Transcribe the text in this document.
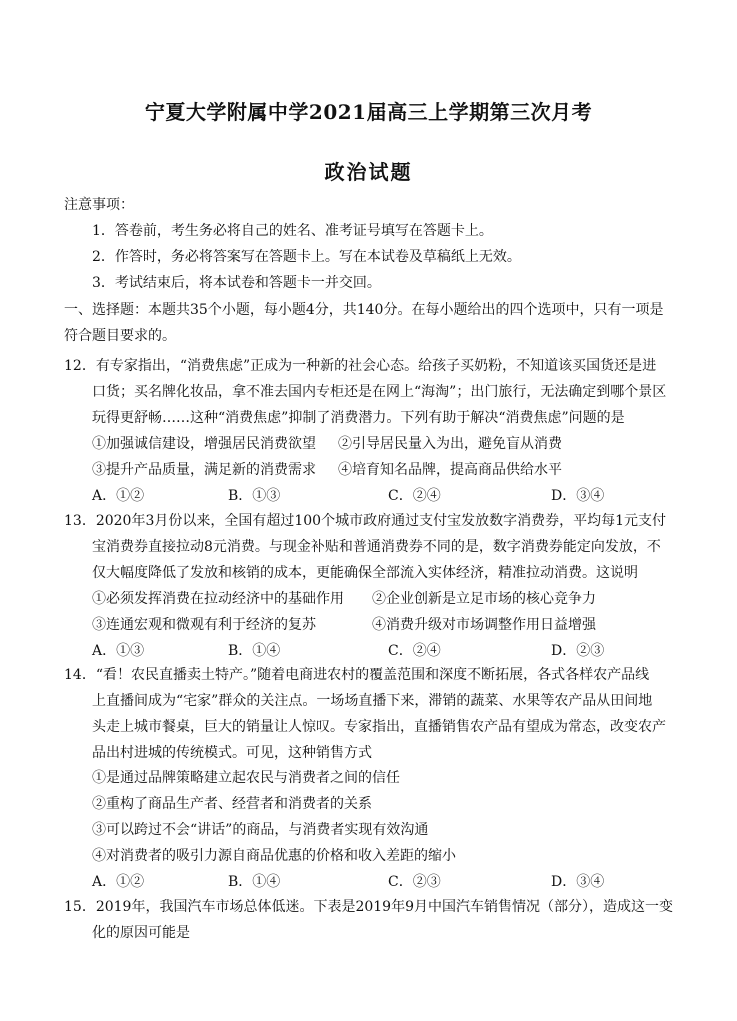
宁夏大学附属中学2021届高三上学期第三次月考
政治试题
注意事项：
1．答卷前，考生务必将自己的姓名、准考证号填写在答题卡上。
2．作答时，务必将答案写在答题卡上。写在本试卷及草稿纸上无效。
3．考试结束后，将本试卷和答题卡一并交回。
一、选择题：本题共35个小题，每小题4分，共140分。在每小题给出的四个选项中，只有一项是
符合题目要求的。
12．有专家指出，“消费焦虑”正成为一种新的社会心态。给孩子买奶粉，不知道该买国货还是进
口货；买名牌化妆品，拿不准去国内专柜还是在网上“海淘”；出门旅行，无法确定到哪个景区
玩得更舒畅……这种“消费焦虑”抑制了消费潜力。下列有助于解决“消费焦虑”问题的是
①加强诚信建设，增强居民消费欲望 ②引导居民量入为出，避免盲从消费
③提升产品质量，满足新的消费需求 ④培育知名品牌，提高商品供给水平
A．①②	B．①③	C．②④	D．③④
13．2020年3月份以来，全国有超过100个城市政府通过支付宝发放数字消费券，平均每1元支付
宝消费券直接拉动8元消费。与现金补贴和普通消费券不同的是，数字消费券能定向发放，不
仅大幅度降低了发放和核销的成本，更能确保全部流入实体经济，精准拉动消费。这说明
①必须发挥消费在拉动经济中的基础作用 ②企业创新是立足市场的核心竞争力
③连通宏观和微观有利于经济的复苏	④消费升级对市场调整作用日益增强
A．①③	B．①④	C．②④	D．②③
14．“看！农民直播卖土特产。”随着电商进农村的覆盖范围和深度不断拓展，各式各样农产品线
上直播间成为“宅家”群众的关注点。一场场直播下来，滞销的蔬菜、水果等农产品从田间地
头走上城市餐桌，巨大的销量让人惊叹。专家指出，直播销售农产品有望成为常态，改变农产
品出村进城的传统模式。可见，这种销售方式
①是通过品牌策略建立起农民与消费者之间的信任
②重构了商品生产者、经营者和消费者的关系
③可以跨过不会“讲话”的商品，与消费者实现有效沟通
④对消费者的吸引力源自商品优惠的价格和收入差距的缩小
A．①②	B．①④	C．②③	D．③④
15．2019年，我国汽车市场总体低迷。下表是2019年9月中国汽车销售情况（部分），造成这一变
化的原因可能是
